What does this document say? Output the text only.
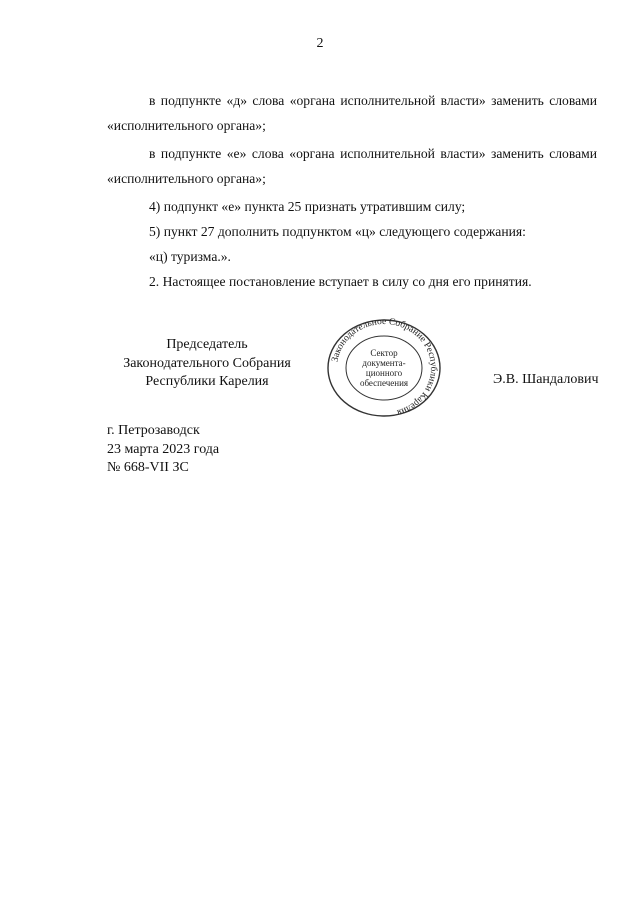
2

в подпункте «д» слова «органа исполнительной власти» заменить словами «исполнительного органа»;

в подпункте «е» слова «органа исполнительной власти» заменить словами «исполнительного органа»;

4) подпункт «е» пункта 25 признать утратившим силу;

5) пункт 27 дополнить подпунктом «ц» следующего содержания:

«ц) туризма.».

2. Настоящее постановление вступает в силу со дня его принятия.

Председатель
Законодательного Собрания
Республики Карелия
Законодательное Собрание Республики Карелия
Сектор
документа-
ционного
обеспечения	Э.В. Шандалович
г. Петрозаводск
23 марта 2023 года
№ 668-VII ЗС
